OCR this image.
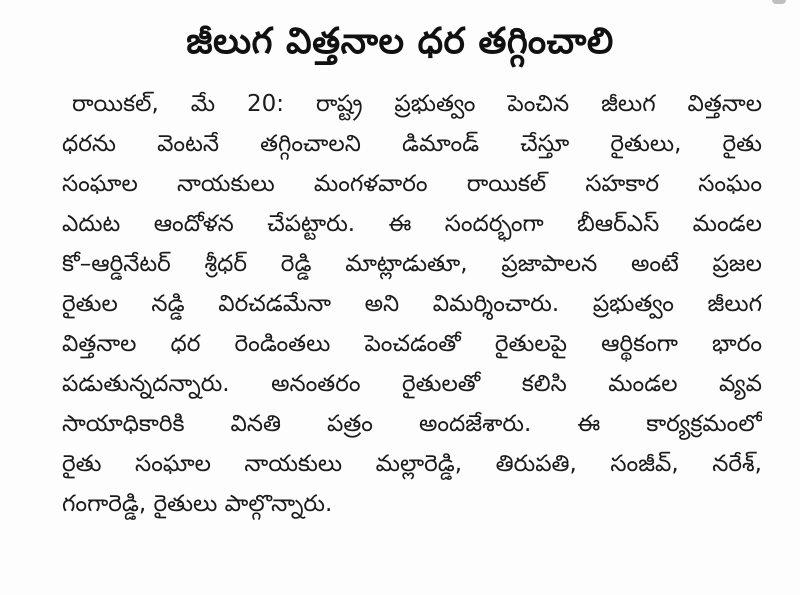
జీలుగ విత్తనాల ధర తగ్గించాలి
రాయికల్, మే 20: రాష్ట్ర ప్రభుత్వం పెంచిన జీలుగ విత్తనాల
ధరను వెంటనే తగ్గించాలని డిమాండ్ చేస్తూ రైతులు, రైతు
సంఘాల నాయకులు మంగళవారం రాయికల్ సహకార సంఘం
ఎదుట ఆందోళన చేపట్టారు. ఈ సందర్భంగా బీఆర్ఎస్ మండల
కో–ఆర్డినేటర్ శ్రీధర్ రెడ్డి మాట్లాడుతూ, ప్రజాపాలన అంటే ప్రజల
రైతుల నడ్డి విరచడమేనా అని విమర్శించారు. ప్రభుత్వం జీలుగ
విత్తనాల ధర రెండింతలు పెంచడంతో రైతులపై ఆర్థికంగా భారం
పడుతున్నదన్నారు. అనంతరం రైతులతో కలిసి మండల వ్యవ
సాయాధికారికి వినతి పత్రం అందజేశారు. ఈ కార్యక్రమంలో
రైతు సంఘాల నాయకులు మల్లారెడ్డి, తిరుపతి, సంజీవ్, నరేశ్,
గంగారెడ్డి, రైతులు పాల్గొన్నారు.
